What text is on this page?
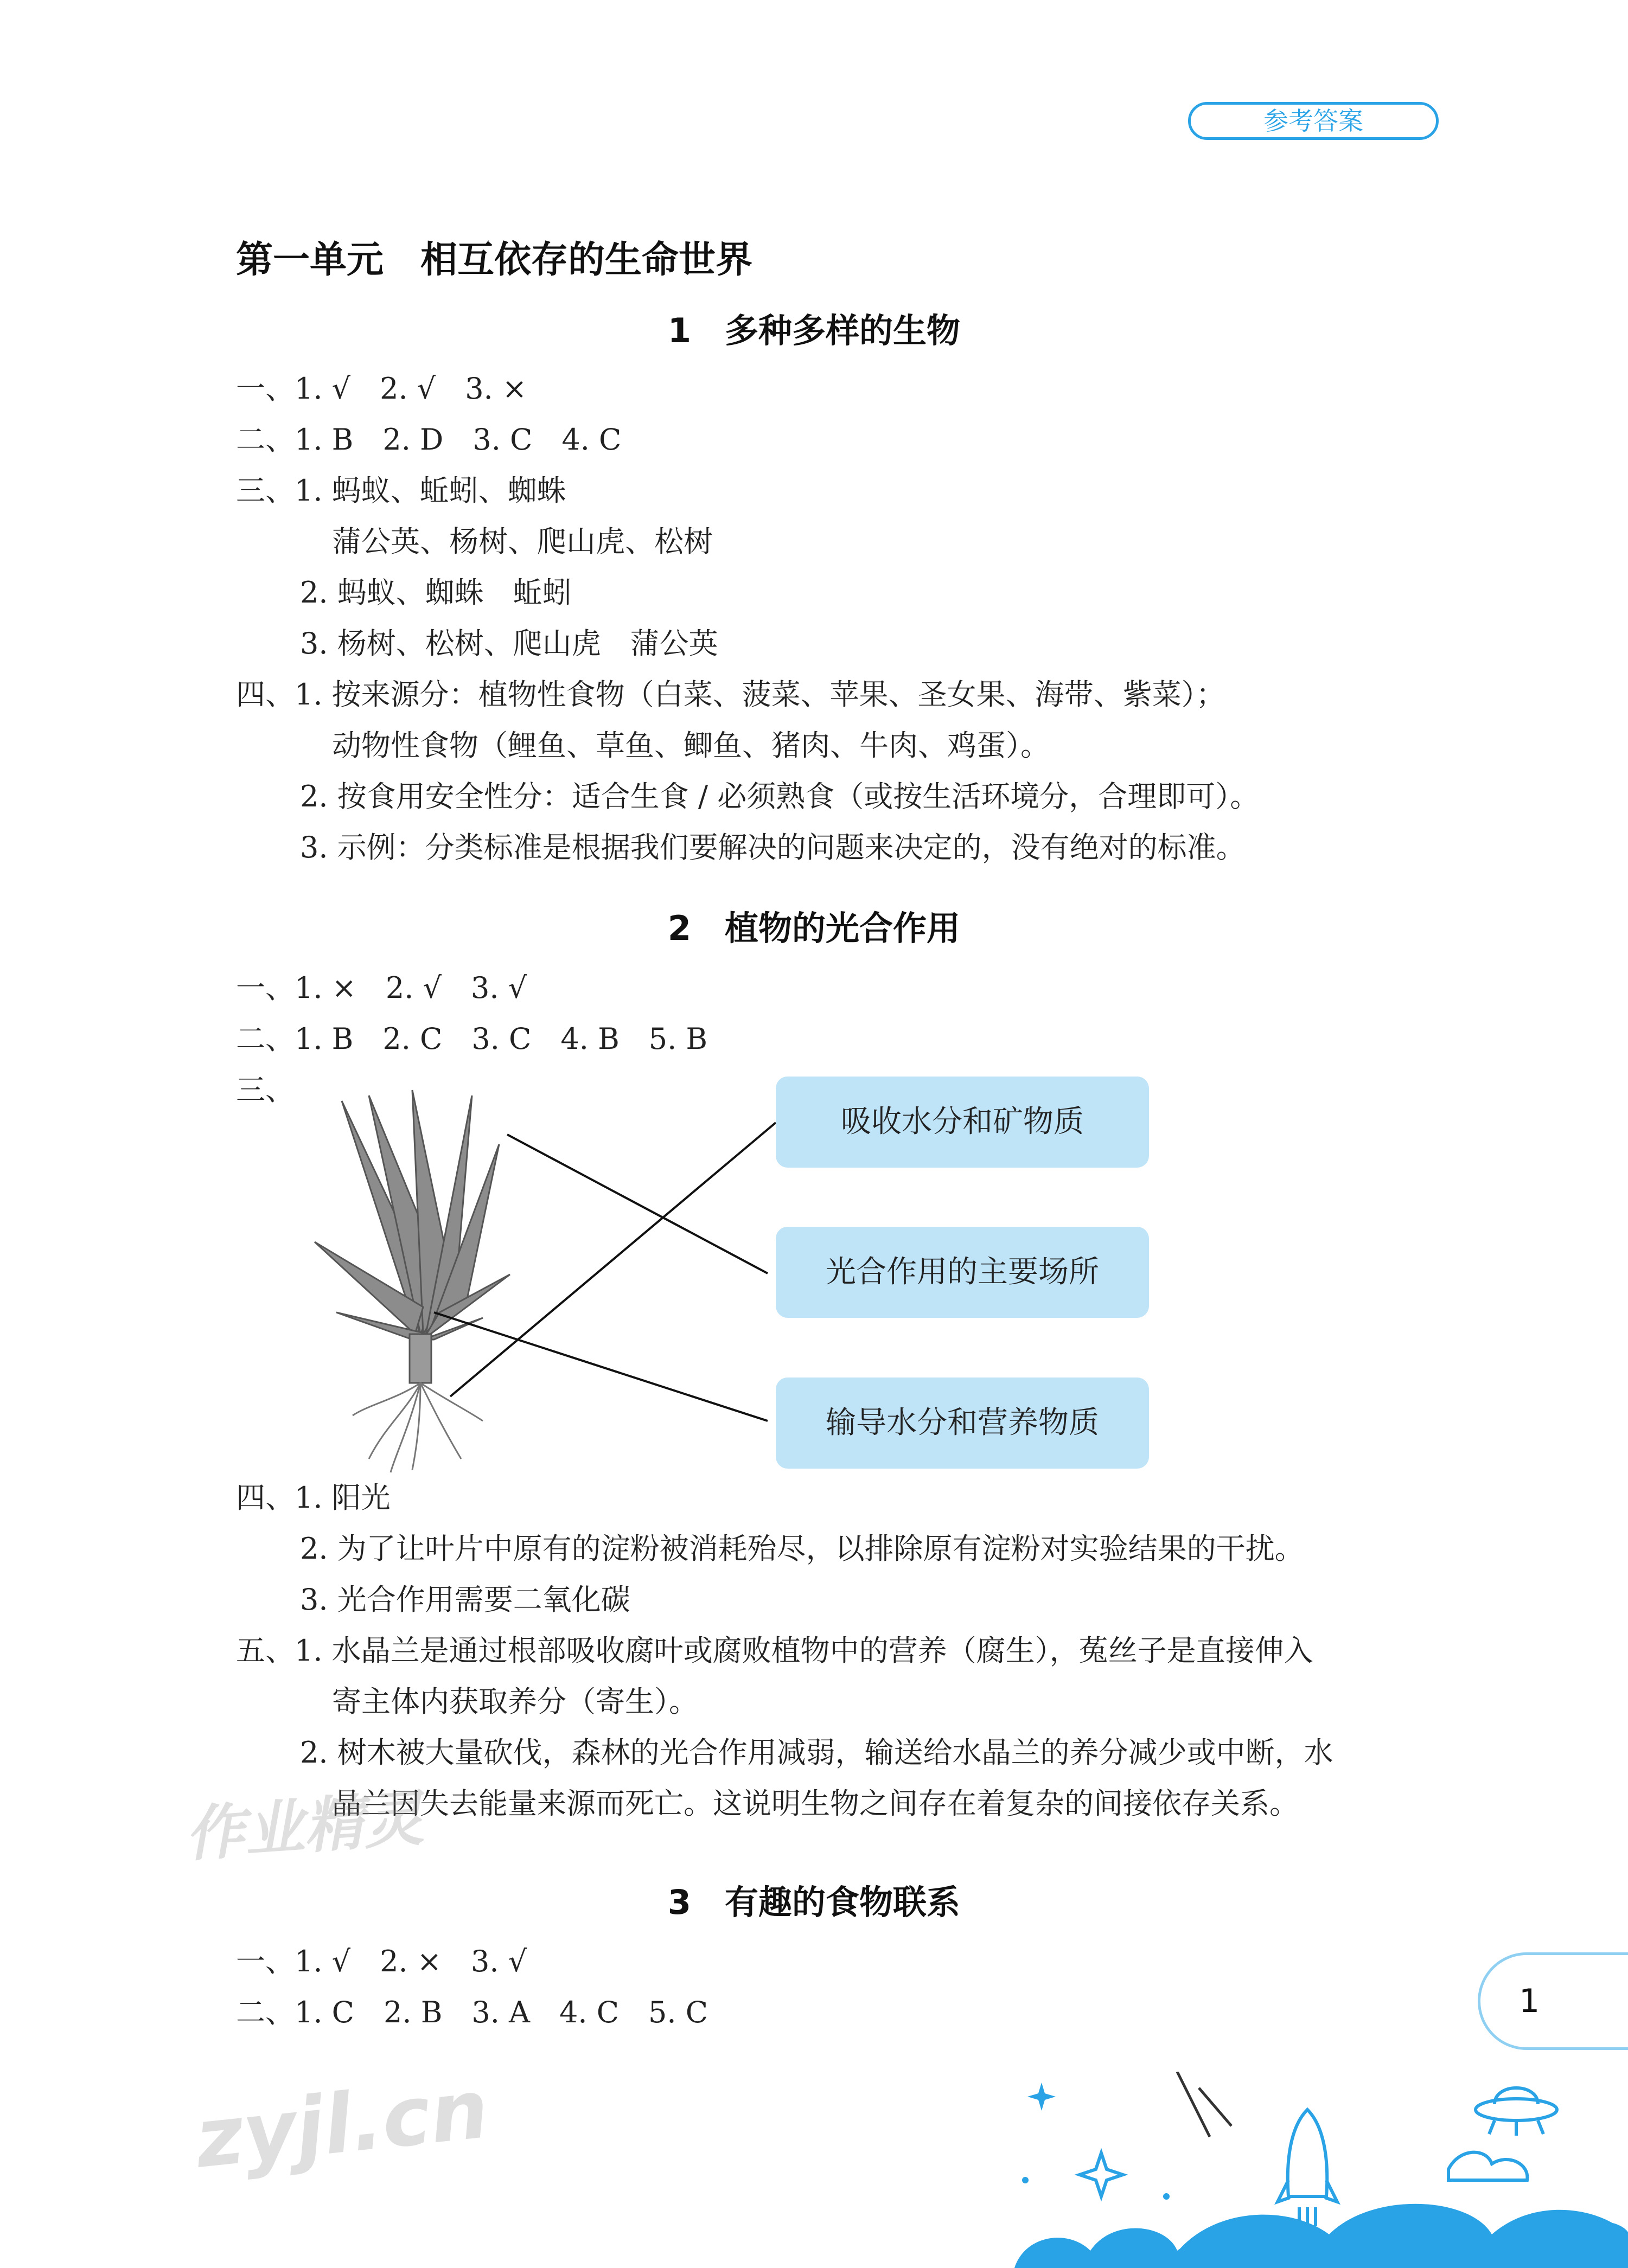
参考答案
第一单元　相互依存的生命世界
1　多种多样的生物
一、1. √　2. √　3. ×
二、1. B　2. D　3. C　4. C
三、1. 蚂蚁、蚯蚓、蜘蛛
蒲公英、杨树、爬山虎、松树
2. 蚂蚁、蜘蛛　蚯蚓
3. 杨树、松树、爬山虎　蒲公英
四、1. 按来源分：植物性食物（白菜、菠菜、苹果、圣女果、海带、紫菜）；
动物性食物（鲤鱼、草鱼、鲫鱼、猪肉、牛肉、鸡蛋）。
2. 按食用安全性分：适合生食 / 必须熟食（或按生活环境分，合理即可）。
3. 示例：分类标准是根据我们要解决的问题来决定的，没有绝对的标准。
2　植物的光合作用
一、1. ×　2. √　3. √
二、1. B　2. C　3. C　4. B　5. B
三、
吸收水分和矿物质
光合作用的主要场所
输导水分和营养物质
四、1. 阳光
2. 为了让叶片中原有的淀粉被消耗殆尽，以排除原有淀粉对实验结果的干扰。
3. 光合作用需要二氧化碳
五、1. 水晶兰是通过根部吸收腐叶或腐败植物中的营养（腐生），菟丝子是直接伸入
寄主体内获取养分（寄生）。
2. 树木被大量砍伐，森林的光合作用减弱，输送给水晶兰的养分减少或中断，水
晶兰因失去能量来源而死亡。这说明生物之间存在着复杂的间接依存关系。
3　有趣的食物联系
一、1. √　2. ×　3. √
二、1. C　2. B　3. A　4. C　5. C
作业精灵
zyjl.cn
1
